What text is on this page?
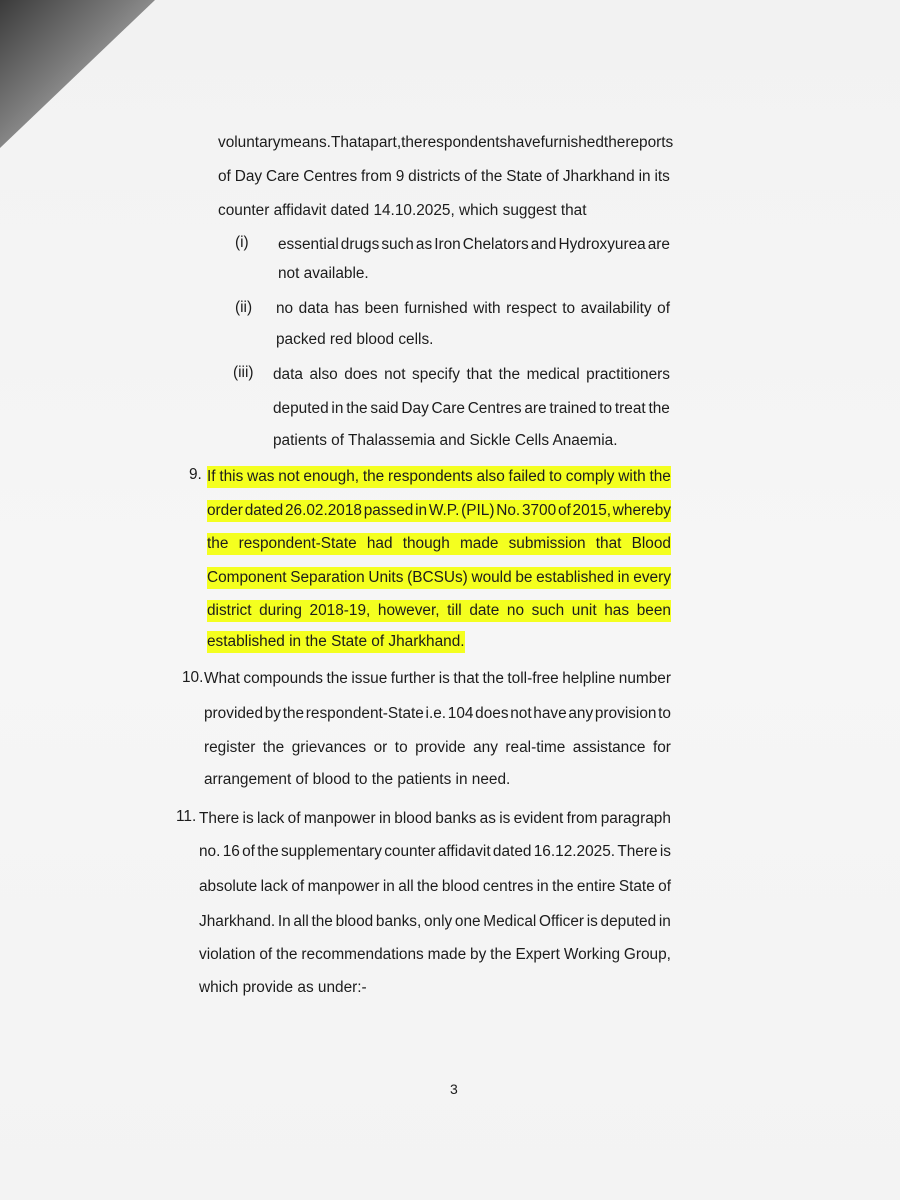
voluntary means. That apart, the respondents have furnished the reports
of Day Care Centres from 9 districts of the State of Jharkhand in its
counter affidavit dated 14.10.2025, which suggest that
(i) essential drugs such as Iron Chelators and Hydroxyurea are
not available.
(ii) no data has been furnished with respect to availability of
packed red blood cells.
(iii) data also does not specify that the medical practitioners
deputed in the said Day Care Centres are trained to treat the
patients of Thalassemia and Sickle Cells Anaemia.
9. If this was not enough, the respondents also failed to comply with the
order dated 26.02.2018 passed in W.P. (PIL) No. 3700 of 2015, whereby
the respondent-State had though made submission that Blood
Component Separation Units (BCSUs) would be established in every
district during 2018-19, however, till date no such unit has been
established in the State of Jharkhand.
10. What compounds the issue further is that the toll-free helpline number
provided by the respondent-State i.e. 104 does not have any provision to
register the grievances or to provide any real-time assistance for
arrangement of blood to the patients in need.
11. There is lack of manpower in blood banks as is evident from paragraph
no. 16 of the supplementary counter affidavit dated 16.12.2025. There is
absolute lack of manpower in all the blood centres in the entire State of
Jharkhand. In all the blood banks, only one Medical Officer is deputed in
violation of the recommendations made by the Expert Working Group,
which provide as under:-
3
